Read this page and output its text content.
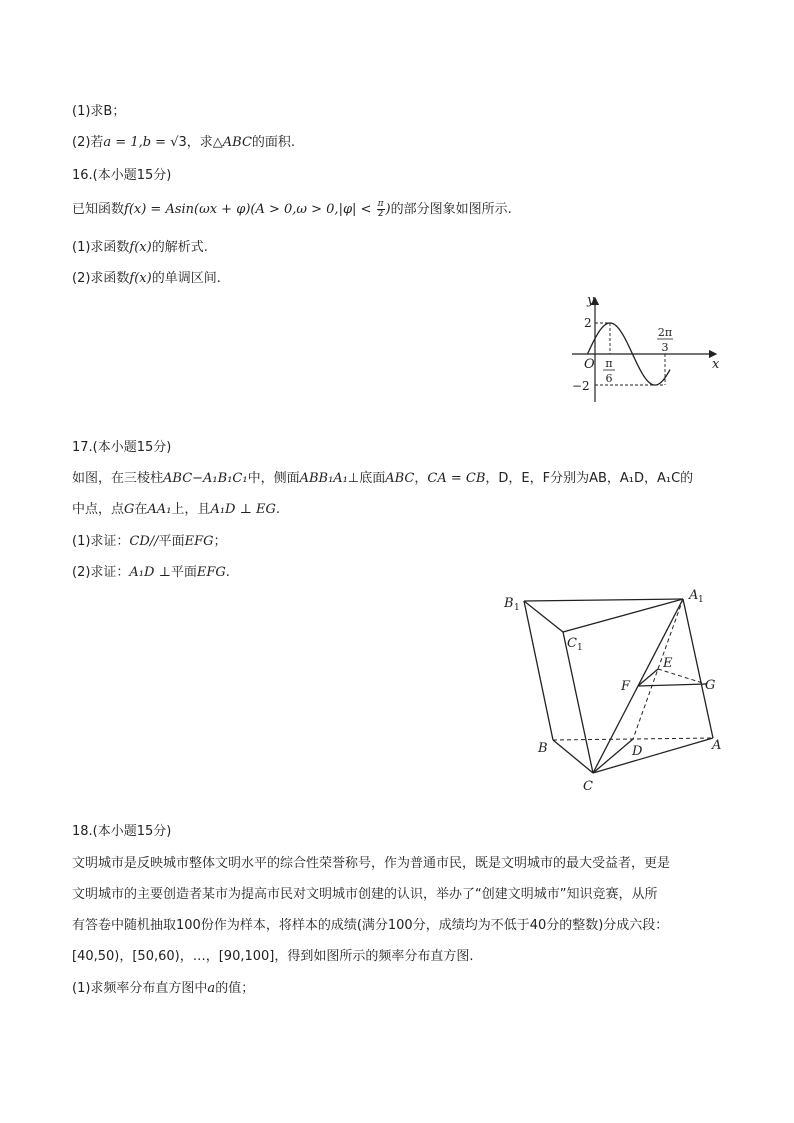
(1)求B；
(2)若a = 1,b = √3，求△ABC的面积.
16.(本小题15分)
已知函数$f(x) = Asin(\omega x + \varphi)(A > 0,\omega > 0,|\varphi| < \frac{\pi}{2}$ )的部分图象如图所示.
(1)求函数f(x)的解析式.
(2)求函数f(x)的单调区间.
y
x
O
2
−2
π
6
2π
3
17.(本小题15分)
如图，在三棱柱ABC−A₁B₁C₁中，侧面ABB₁A₁⊥底面ABC，CA = CB，D，E，F分别为AB，A₁D，A₁C的
中点，点G在AA₁上，且A₁D ⊥ EG.
(1)求证：CD//平面EFG；
(2)求证：A₁D ⊥平面EFG.
B 1
A 1
C 1
F
E
G
B	A
C
D
18.(本小题15分)
文明城市是反映城市整体文明水平的综合性荣誉称号，作为普通市民，既是文明城市的最大受益者，更是
文明城市的主要创造者某市为提高市民对文明城市创建的认识，举办了“创建文明城市”知识竞赛，从所
有答卷中随机抽取100份作为样本，将样本的成绩(满分100分，成绩均为不低于40分的整数)分成六段：
[40,50)，[50,60)，…，[90,100]，得到如图所示的频率分布直方图.
(1)求频率分布直方图中a的值；
